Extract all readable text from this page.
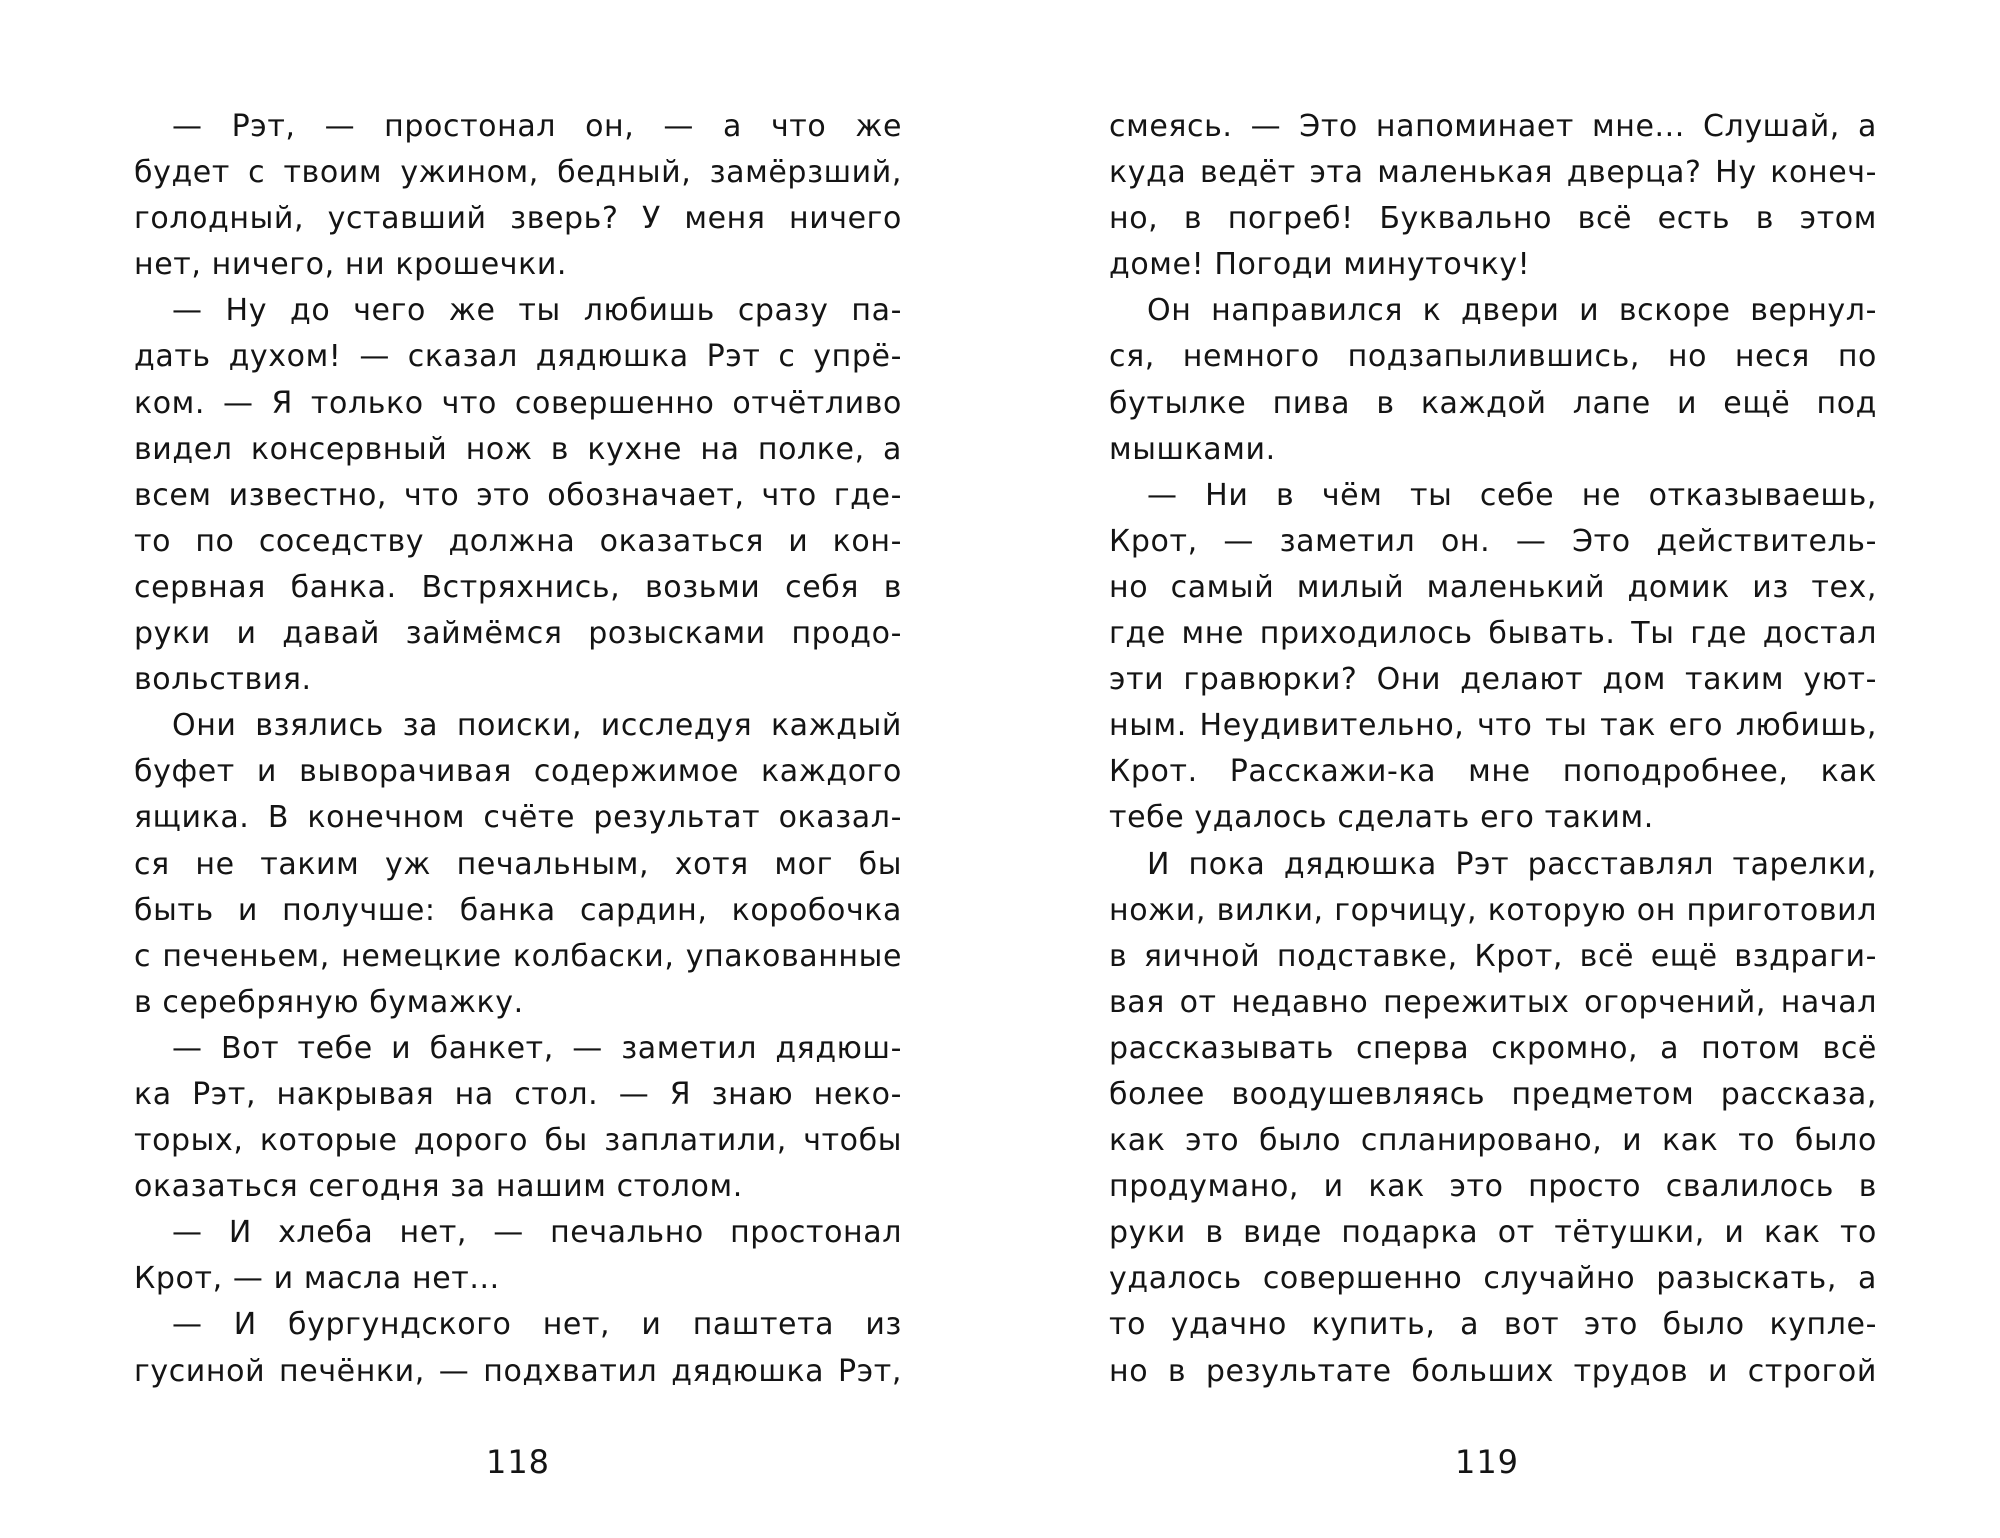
— Рэт, — простонал он, — а что же
будет с твоим ужином, бедный, замёрзший,
голодный, уставший зверь? У меня ничего
нет, ничего, ни крошечки.
— Ну до чего же ты любишь сразу па-
дать духом! — сказал дядюшка Рэт с упрё-
ком. — Я только что совершенно отчётливо
видел консервный нож в кухне на полке, а
всем известно, что это обозначает, что где-
то по соседству должна оказаться и кон-
сервная банка. Встряхнись, возьми себя в
руки и давай займёмся розысками продо-
вольствия.
Они взялись за поиски, исследуя каждый
буфет и выворачивая содержимое каждого
ящика. В конечном счёте результат оказал-
ся не таким уж печальным, хотя мог бы
быть и получше: банка сардин, коробочка
с печеньем, немецкие колбаски, упакованные
в серебряную бумажку.
— Вот тебе и банкет, — заметил дядюш-
ка Рэт, накрывая на стол. — Я знаю неко-
торых, которые дорого бы заплатили, чтобы
оказаться сегодня за нашим столом.
— И хлеба нет, — печально простонал
Крот, — и масла нет...
— И бургундского нет, и паштета из
гусиной печёнки, — подхватил дядюшка Рэт,
118
смеясь. — Это напоминает мне... Слушай, а
куда ведёт эта маленькая дверца? Ну конеч-
но, в погреб! Буквально всё есть в этом
доме! Погоди минуточку!
Он направился к двери и вскоре вернул-
ся, немного подзапылившись, но неся по
бутылке пива в каждой лапе и ещё под
мышками.
— Ни в чём ты себе не отказываешь,
Крот, — заметил он. — Это действитель-
но самый милый маленький домик из тех,
где мне приходилось бывать. Ты где достал
эти гравюрки? Они делают дом таким уют-
ным. Неудивительно, что ты так его любишь,
Крот. Расскажи-ка мне поподробнее, как
тебе удалось сделать его таким.
И пока дядюшка Рэт расставлял тарелки,
ножи, вилки, горчицу, которую он приготовил
в яичной подставке, Крот, всё ещё вздраги-
вая от недавно пережитых огорчений, начал
рассказывать сперва скромно, а потом всё
более воодушевляясь предметом рассказа,
как это было спланировано, и как то было
продумано, и как это просто свалилось в
руки в виде подарка от тётушки, и как то
удалось совершенно случайно разыскать, а
то удачно купить, а вот это было купле-
но в результате больших трудов и строгой
119
